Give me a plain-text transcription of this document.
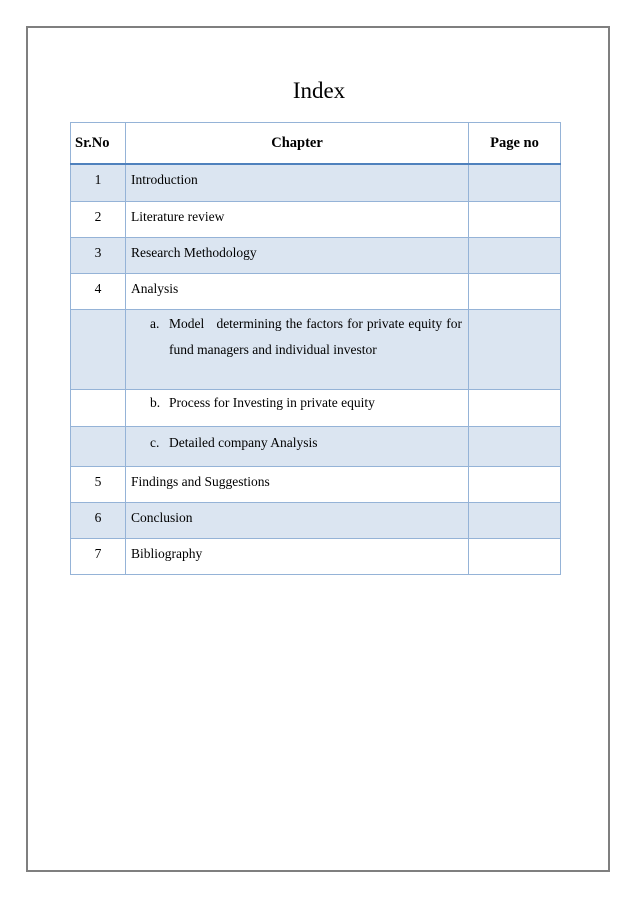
Index
Sr.No	Chapter	Page no
1	Introduction	
2	Literature review	
3	Research Methodology	
4	Analysis	

	a. Model   determining the factors for private equity for fund managers and individual investor	

	b. Process for Investing in private equity	

	c. Detailed company Analysis	

5	Findings and Suggestions	
6	Conclusion	
7	Bibliography	
